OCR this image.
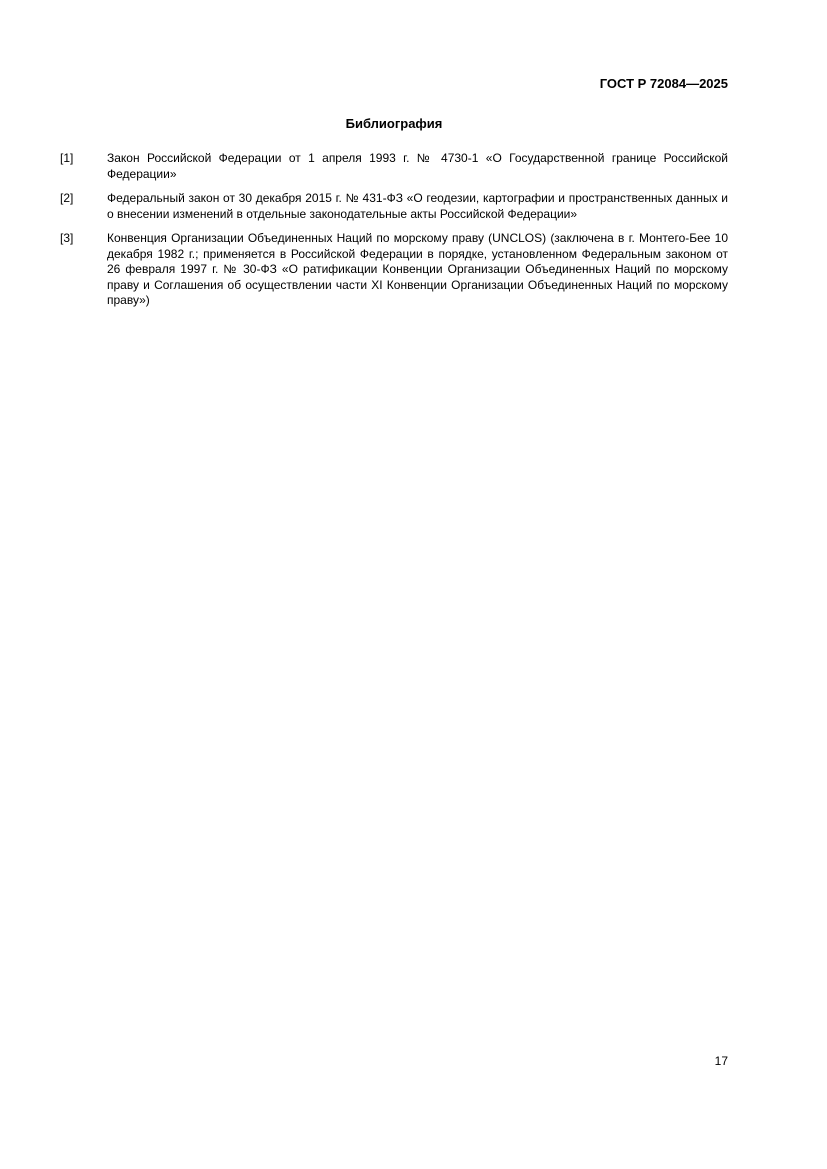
ГОСТ Р 72084—2025
Библиография
[1]	Закон Российской Федерации от 1 апреля 1993 г. № 4730-1 «О Государственной границе Российской Федерации»
[2]	Федеральный закон от 30 декабря 2015 г. № 431-ФЗ «О геодезии, картографии и пространственных данных и о внесении изменений в отдельные законодательные акты Российской Федерации»
[3]	Конвенция Организации Объединенных Наций по морскому праву (UNCLOS) (заключена в г. Монтего-Бее 10 декабря 1982 г.; применяется в Российской Федерации в порядке, установленном Федеральным законом от 26 февраля 1997 г. № 30-ФЗ «О ратификации Конвенции Организации Объединенных Наций по морскому праву и Соглашения об осуществлении части XI Конвенции Организации Объединенных Наций по морскому праву»)
17
